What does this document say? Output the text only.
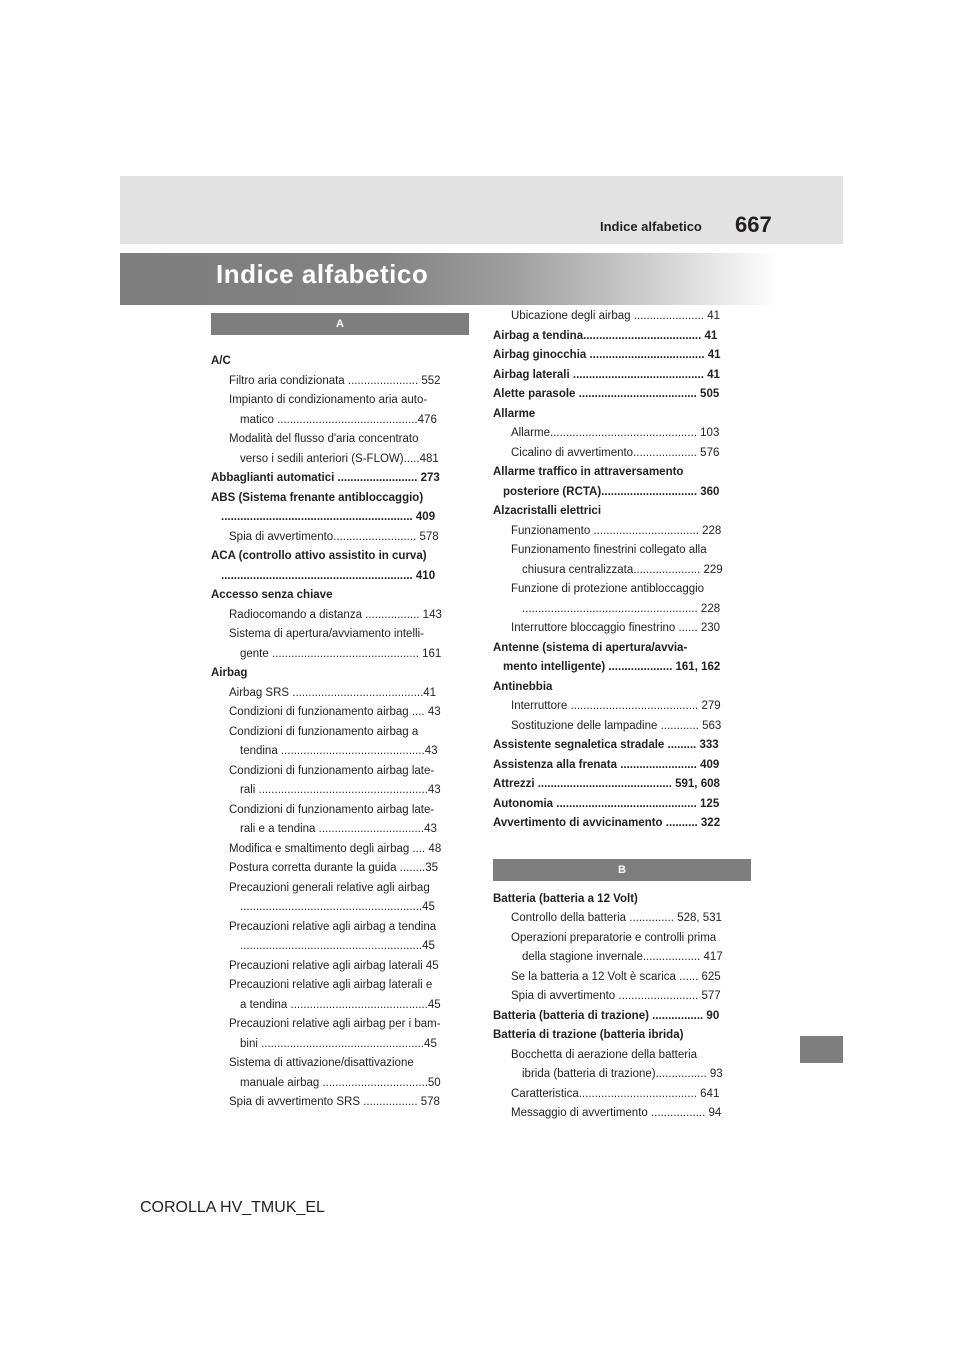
Indice alfabetico 667
Indice alfabetico
A
A/C
Filtro aria condizionata ...................... 552
Impianto di condizionamento aria auto-
matico ............................................476
Modalità del flusso d'aria concentrato
verso i sedili anteriori (S-FLOW).....481
Abbaglianti automatici ......................... 273
ABS (Sistema frenante antibloccaggio)
............................................................ 409
Spia di avvertimento.......................... 578
ACA (controllo attivo assistito in curva)
............................................................ 410
Accesso senza chiave
Radiocomando a distanza ................. 143
Sistema di apertura/avviamento intelli-
gente .............................................. 161
Airbag
Airbag SRS .........................................41
Condizioni di funzionamento airbag .... 43
Condizioni di funzionamento airbag a
tendina .............................................43
Condizioni di funzionamento airbag late-
rali .....................................................43
Condizioni di funzionamento airbag late-
rali e a tendina .................................43
Modifica e smaltimento degli airbag .... 48
Postura corretta durante la guida ........35
Precauzioni generali relative agli airbag
.........................................................45
Precauzioni relative agli airbag a tendina
.........................................................45
Precauzioni relative agli airbag laterali 45
Precauzioni relative agli airbag laterali e
a tendina ...........................................45
Precauzioni relative agli airbag per i bam-
bini ...................................................45
Sistema di attivazione/disattivazione
manuale airbag .................................50
Spia di avvertimento SRS ................. 578
Ubicazione degli airbag ...................... 41
Airbag a tendina..................................... 41
Airbag ginocchia .................................... 41
Airbag laterali ......................................... 41
Alette parasole ..................................... 505
Allarme
Allarme.............................................. 103
Cicalino di avvertimento.................... 576
Allarme traffico in attraversamento
posteriore (RCTA).............................. 360
Alzacristalli elettrici
Funzionamento ................................. 228
Funzionamento finestrini collegato alla
chiusura centralizzata..................... 229
Funzione di protezione antibloccaggio
....................................................... 228
Interruttore bloccaggio finestrino ...... 230
Antenne (sistema di apertura/avvia-
mento intelligente) .................... 161, 162
Antinebbia
Interruttore ........................................ 279
Sostituzione delle lampadine ............ 563
Assistente segnaletica stradale ......... 333
Assistenza alla frenata ........................ 409
Attrezzi .......................................... 591, 608
Autonomia ............................................ 125
Avvertimento di avvicinamento .......... 322
B
Batteria (batteria a 12 Volt)
Controllo della batteria .............. 528, 531
Operazioni preparatorie e controlli prima
della stagione invernale.................. 417
Se la batteria a 12 Volt è scarica ...... 625
Spia di avvertimento ......................... 577
Batteria (batteria di trazione) ................ 90
Batteria di trazione (batteria ibrida)
Bocchetta di aerazione della batteria
ibrida (batteria di trazione)................ 93
Caratteristica..................................... 641
Messaggio di avvertimento ................. 94
COROLLA HV_TMUK_EL
